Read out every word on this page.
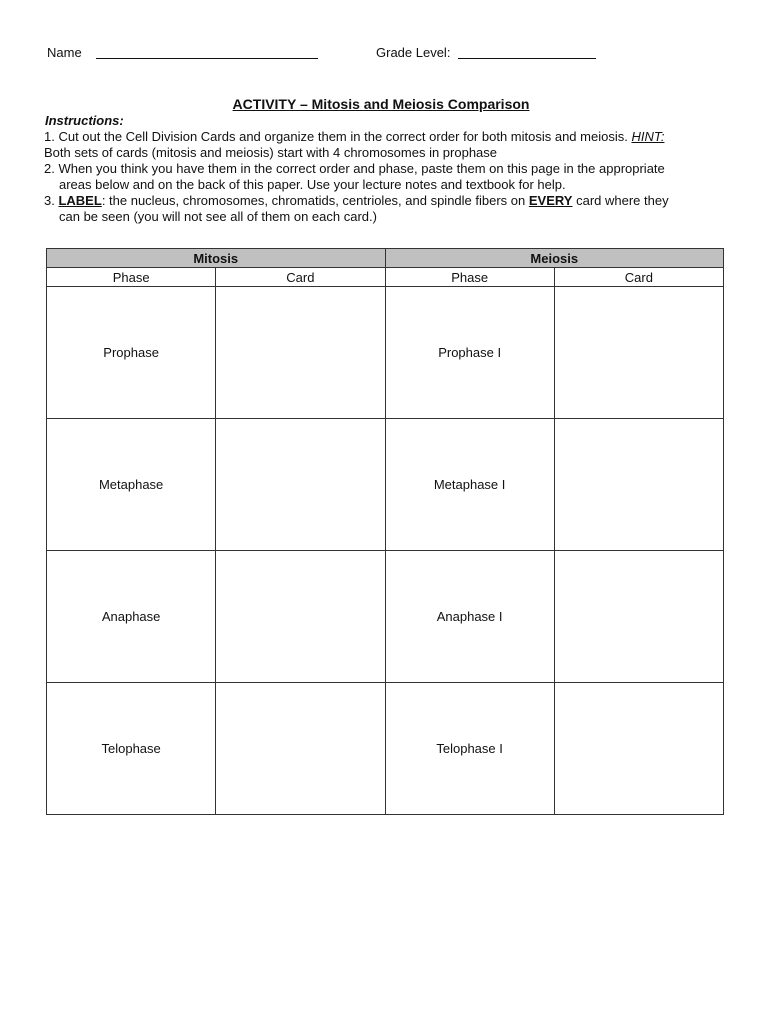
Name	Grade Level:
ACTIVITY – Mitosis and Meiosis Comparison
Instructions:

1. Cut out the Cell Division Cards and organize them in the correct order for both mitosis and meiosis. HINT:

Both sets of cards (mitosis and meiosis) start with 4 chromosomes in prophase

2. When you think you have them in the correct order and phase, paste them on this page in the appropriate

areas below and on the back of this paper. Use your lecture notes and textbook for help.

3. LABEL: the nucleus, chromosomes, chromatids, centrioles, and spindle fibers on EVERY card where they

can be seen (you will not see all of them on each card.)

Mitosis		Meiosis	
Phase	Card	Phase	Card
Prophase		Prophase I	
Metaphase		Metaphase I	
Anaphase		Anaphase I	
Telophase		Telophase I	
